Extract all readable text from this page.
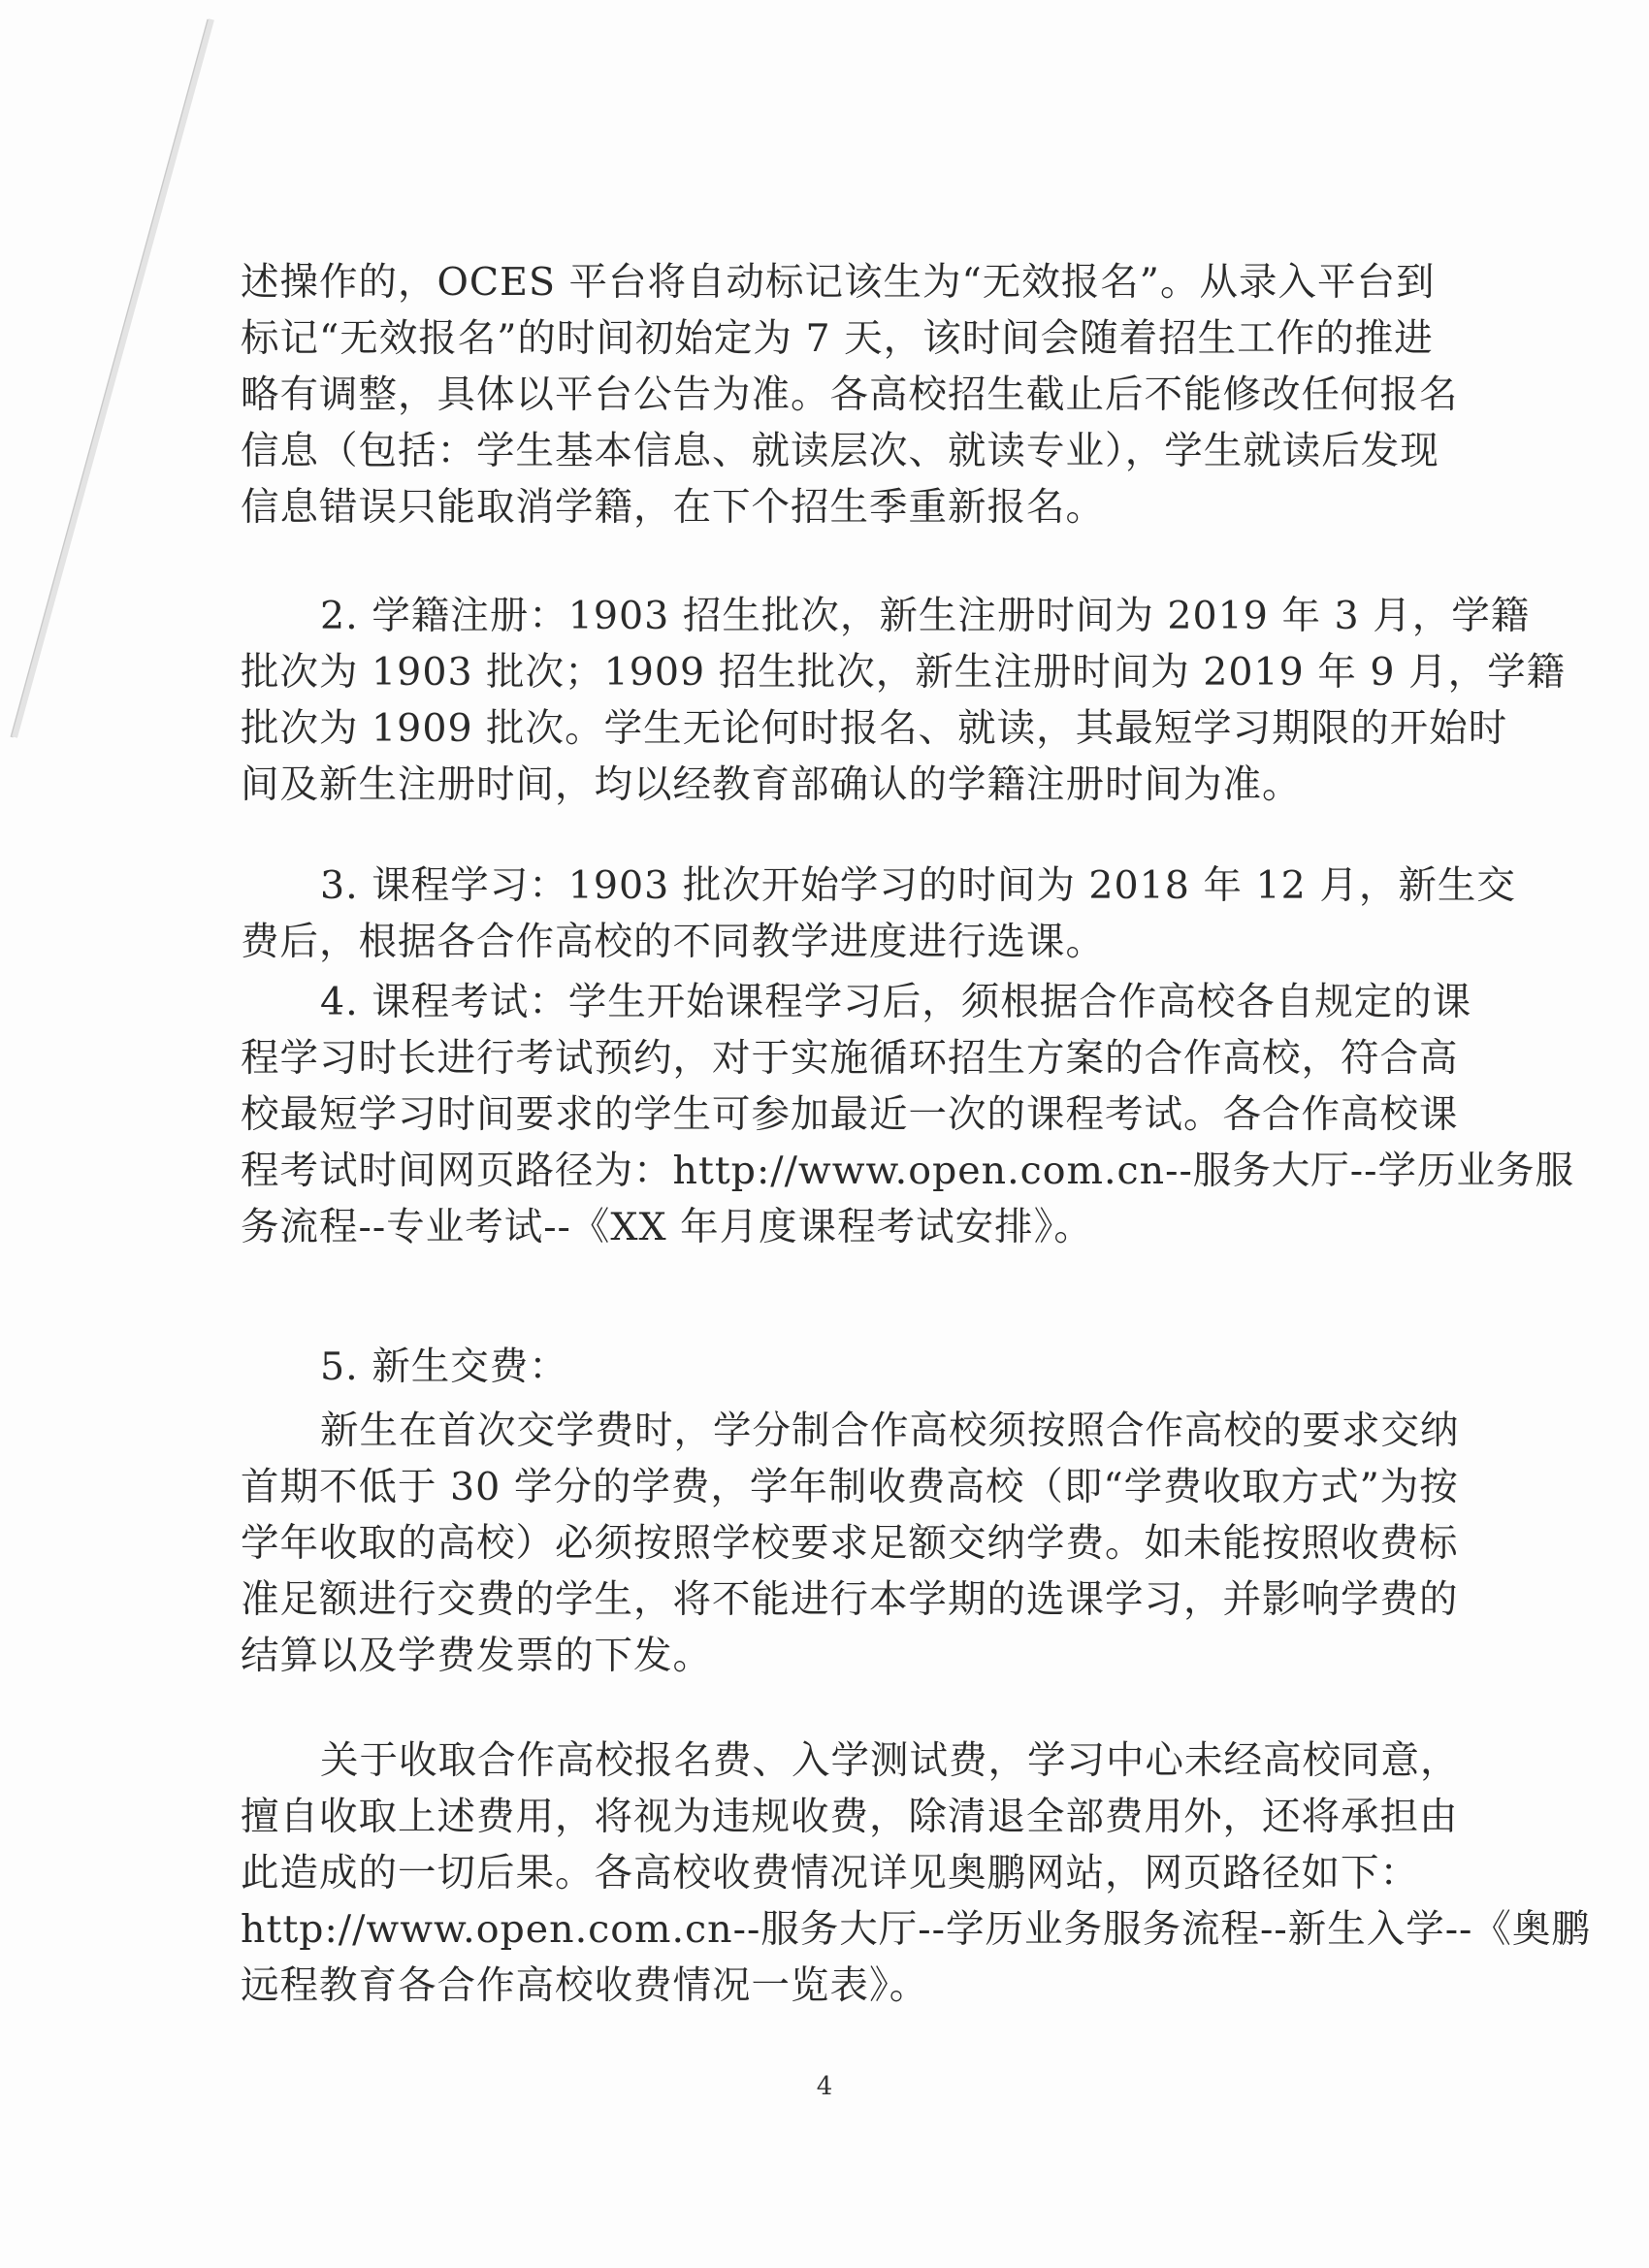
述操作的，OCES 平台将自动标记该生为“无效报名”。从录入平台到
标记“无效报名”的时间初始定为 7 天，该时间会随着招生工作的推进
略有调整，具体以平台公告为准。各高校招生截止后不能修改任何报名
信息（包括：学生基本信息、就读层次、就读专业），学生就读后发现
信息错误只能取消学籍，在下个招生季重新报名。
2. 学籍注册：1903 招生批次，新生注册时间为 2019 年 3 月，学籍
批次为 1903 批次；1909 招生批次，新生注册时间为 2019 年 9 月，学籍
批次为 1909 批次。学生无论何时报名、就读，其最短学习期限的开始时
间及新生注册时间，均以经教育部确认的学籍注册时间为准。
3. 课程学习：1903 批次开始学习的时间为 2018 年 12 月，新生交
费后，根据各合作高校的不同教学进度进行选课。
4. 课程考试：学生开始课程学习后，须根据合作高校各自规定的课
程学习时长进行考试预约，对于实施循环招生方案的合作高校，符合高
校最短学习时间要求的学生可参加最近一次的课程考试。各合作高校课
程考试时间网页路径为：http://www.open.com.cn--服务大厅--学历业务服
务流程--专业考试--《XX 年月度课程考试安排》。
5. 新生交费：
新生在首次交学费时，学分制合作高校须按照合作高校的要求交纳
首期不低于 30 学分的学费，学年制收费高校（即“学费收取方式”为按
学年收取的高校）必须按照学校要求足额交纳学费。如未能按照收费标
准足额进行交费的学生，将不能进行本学期的选课学习，并影响学费的
结算以及学费发票的下发。
关于收取合作高校报名费、入学测试费，学习中心未经高校同意，
擅自收取上述费用，将视为违规收费，除清退全部费用外，还将承担由
此造成的一切后果。各高校收费情况详见奥鹏网站，网页路径如下：
http://www.open.com.cn--服务大厅--学历业务服务流程--新生入学--《奥鹏
远程教育各合作高校收费情况一览表》。
4
